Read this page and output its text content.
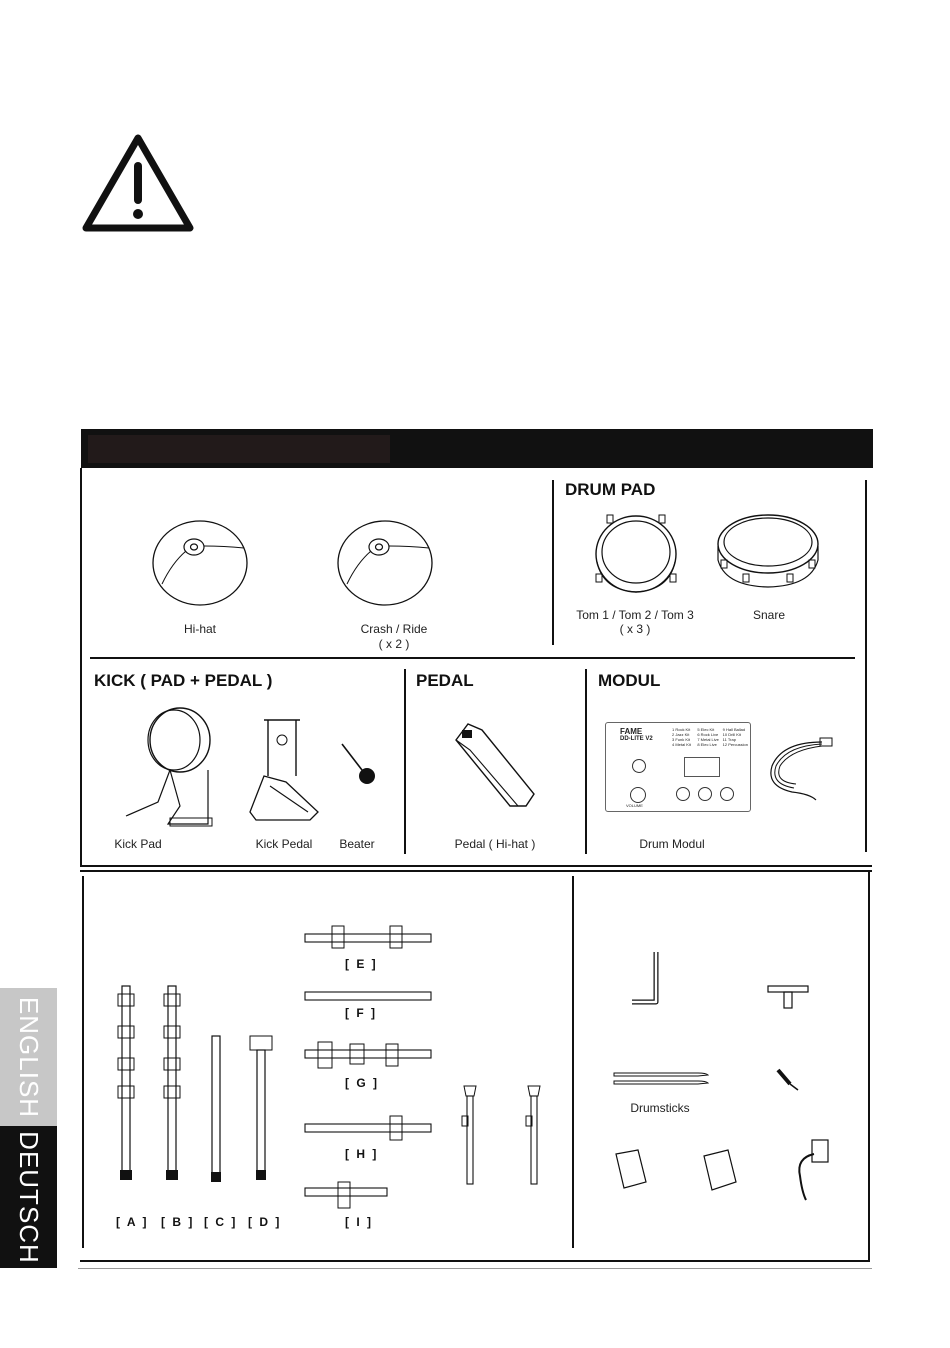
DRUM PAD
Hi-hat	Crash / Ride
( x 2 )
Tom 1 / Tom 2 / Tom 3
( x 3 )
Snare
KICK ( PAD + PEDAL )
Kick Pad	Kick Pedal	Beater
PEDAL
Pedal ( Hi-hat )
MODUL
FAME
DD-LITE V2
1 Rock Kit	5 Elec Kit	9 Hall Ballad
2 Jazz Kit	6 Rock Live	10 Drill Kit
3 Funk Kit	7 Metal Live 11 Trap
4 Metal Kit	8 Elec Live	12 Percussion
VOLUME
Drum Modul
[ A ] [ B ] [ C ] [ D ]
[ E ]
[ F ]
[ G ]
[ H ]
[ I ]
Drumsticks
ENGLISH
DEUTSCH
